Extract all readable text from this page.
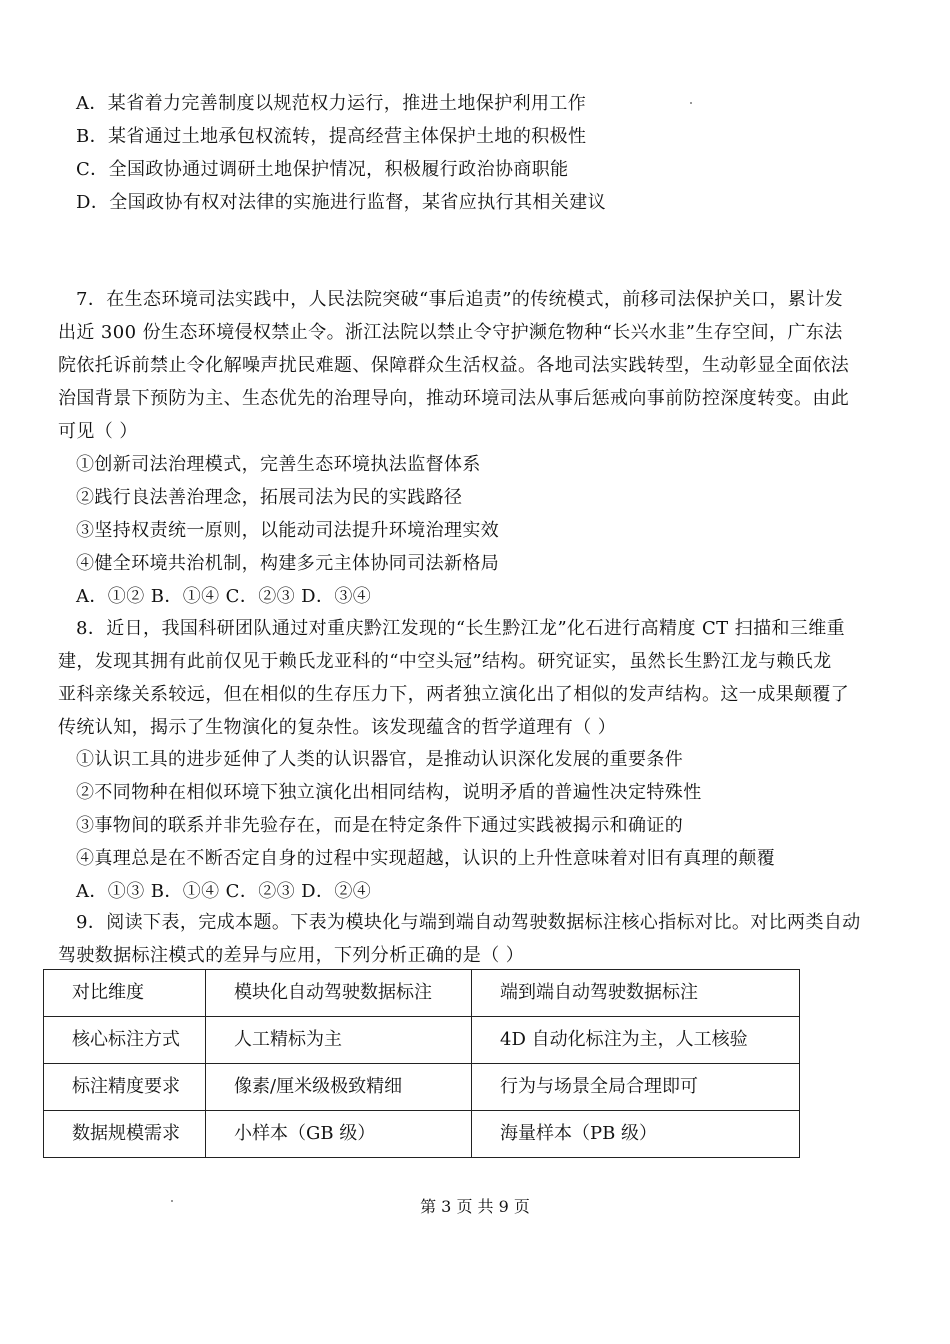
A．某省着力完善制度以规范权力运行，推进土地保护利用工作
B．某省通过土地承包权流转，提高经营主体保护土地的积极性
C．全国政协通过调研土地保护情况，积极履行政治协商职能
D．全国政协有权对法律的实施进行监督，某省应执行其相关建议
7．在生态环境司法实践中，人民法院突破“事后追责”的传统模式，前移司法保护关口，累计发
出近 300 份生态环境侵权禁止令。浙江法院以禁止令守护濒危物种“长兴水韭”生存空间，广东法
院依托诉前禁止令化解噪声扰民难题、保障群众生活权益。各地司法实践转型，生动彰显全面依法
治国背景下预防为主、生态优先的治理导向，推动环境司法从事后惩戒向事前防控深度转变。由此
可见（ ）
①创新司法治理模式，完善生态环境执法监督体系
②践行良法善治理念，拓展司法为民的实践路径
③坚持权责统一原则，以能动司法提升环境治理实效
④健全环境共治机制，构建多元主体协同司法新格局
A．①② B．①④ C．②③ D．③④
8．近日，我国科研团队通过对重庆黔江发现的“长生黔江龙”化石进行高精度 CT 扫描和三维重
建，发现其拥有此前仅见于赖氏龙亚科的“中空头冠”结构。研究证实，虽然长生黔江龙与赖氏龙
亚科亲缘关系较远，但在相似的生存压力下，两者独立演化出了相似的发声结构。这一成果颠覆了
传统认知，揭示了生物演化的复杂性。该发现蕴含的哲学道理有（ ）
①认识工具的进步延伸了人类的认识器官，是推动认识深化发展的重要条件
②不同物种在相似环境下独立演化出相同结构，说明矛盾的普遍性决定特殊性
③事物间的联系并非先验存在，而是在特定条件下通过实践被揭示和确证的
④真理总是在不断否定自身的过程中实现超越，认识的上升性意味着对旧有真理的颠覆
A．①③ B．①④ C．②③ D．②④
9．阅读下表，完成本题。下表为模块化与端到端自动驾驶数据标注核心指标对比。对比两类自动
驾驶数据标注模式的差异与应用，下列分析正确的是（ ）
对比维度	模块化自动驾驶数据标注	端到端自动驾驶数据标注
核心标注方式	人工精标为主	4D 自动化标注为主，人工核验
标注精度要求	像素/厘米级极致精细	行为与场景全局合理即可
数据规模需求	小样本（GB 级）	海量样本（PB 级）
第 3 页 共 9 页
